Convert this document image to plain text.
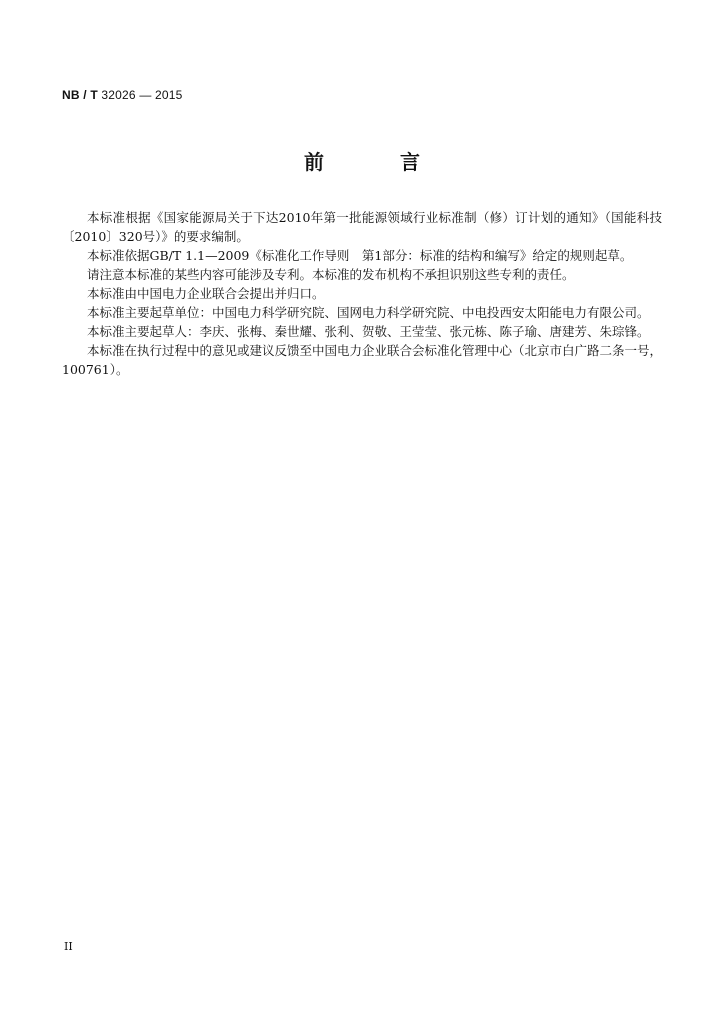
NB / T 32026 — 2015
前　言

本标准根据《国家能源局关于下达2010年第一批能源领域行业标准制（修）订计划的通知》（国能科技〔2010〕320号）》的要求编制。

本标准依据GB/T 1.1—2009《标准化工作导则　第1部分：标准的结构和编写》给定的规则起草。

请注意本标准的某些内容可能涉及专利。本标准的发布机构不承担识别这些专利的责任。

本标准由中国电力企业联合会提出并归口。

本标准主要起草单位：中国电力科学研究院、国网电力科学研究院、中电投西安太阳能电力有限公司。

本标准主要起草人：李庆、张梅、秦世耀、张利、贺敬、王莹莹、张元栋、陈子瑜、唐建芳、朱琮锋。

本标准在执行过程中的意见或建议反馈至中国电力企业联合会标准化管理中心（北京市白广路二条一号，100761）。

II
